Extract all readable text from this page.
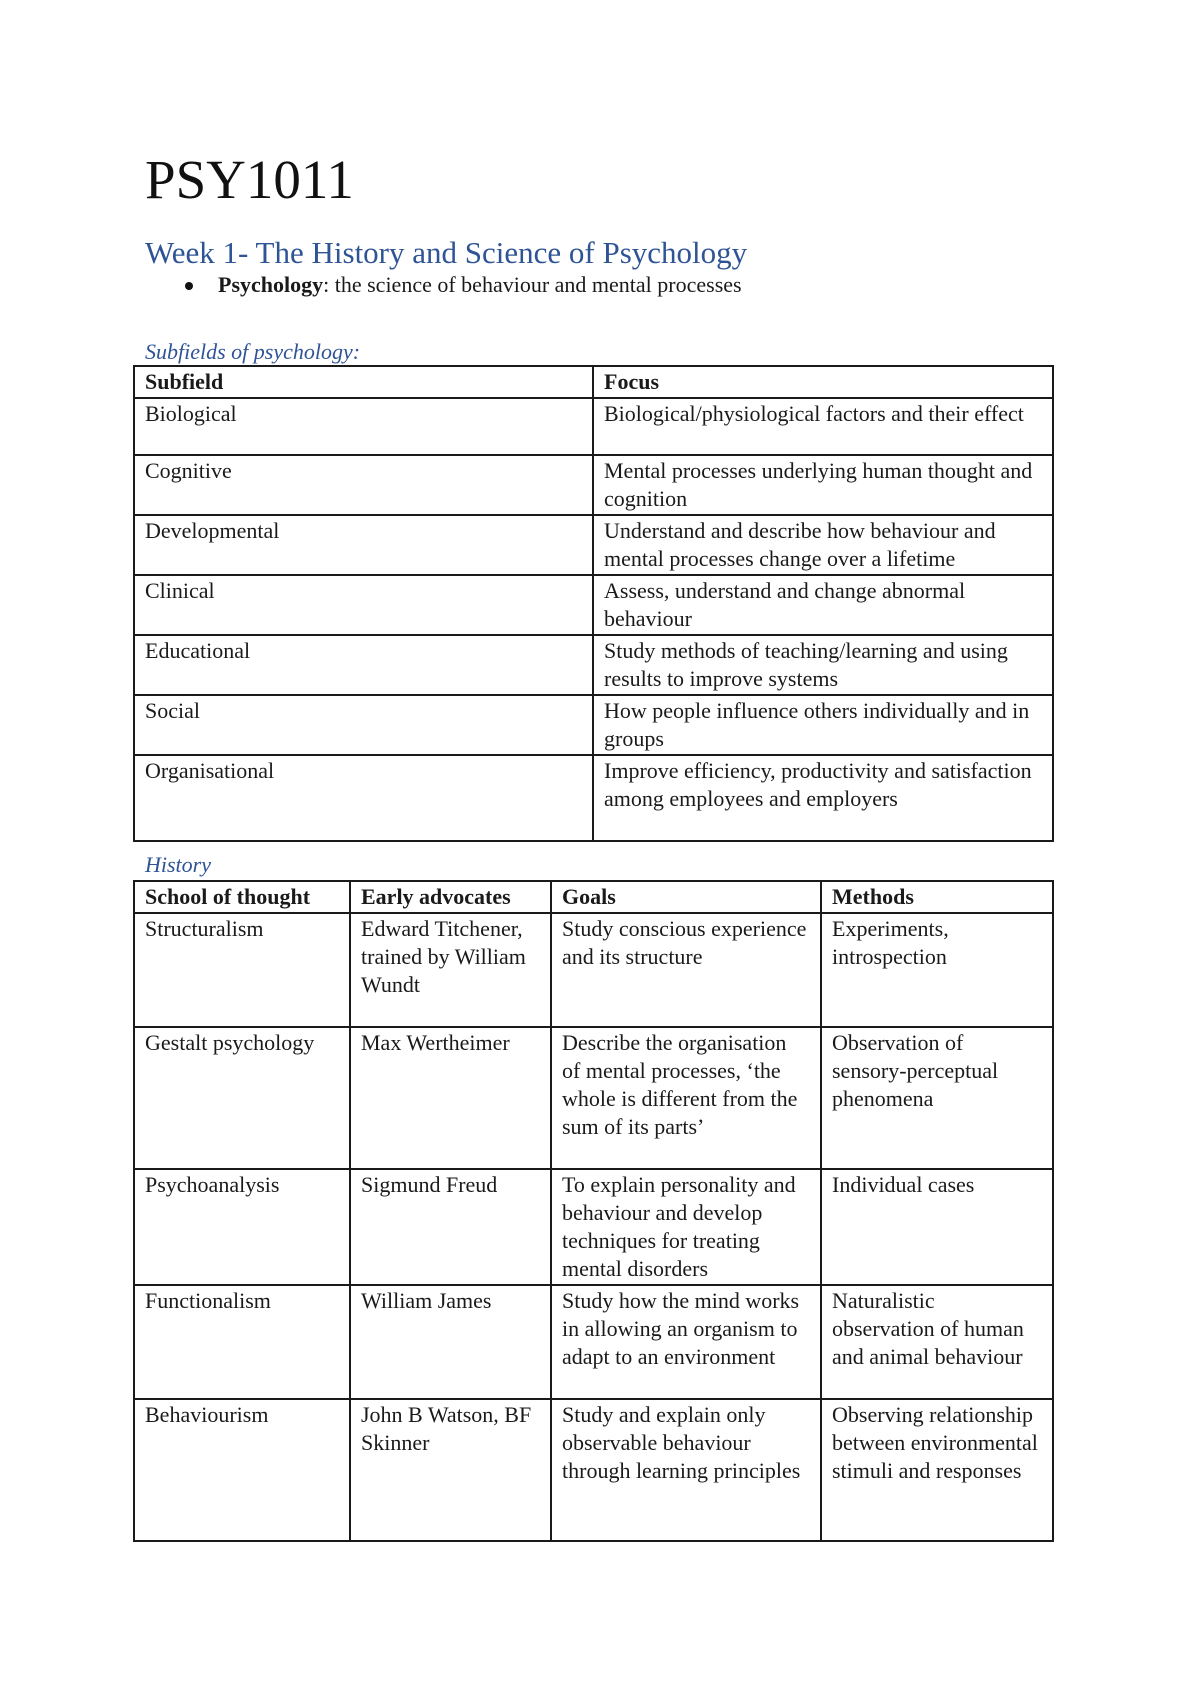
PSY1011
Week 1- The History and Science of Psychology
Psychology: the science of behaviour and mental processes
Subfields of psychology:
Subfield	Focus
Biological	Biological/physiological factors and their effect
Cognitive	Mental processes underlying human thought and cognition
Developmental	Understand and describe how behaviour and mental processes change over a lifetime
Clinical	Assess, understand and change abnormal behaviour
Educational	Study methods of teaching/learning and using results to improve systems
Social	How people influence others individually and in groups
Organisational	Improve efficiency, productivity and satisfaction among employees and employers
History
School of thought	Early advocates	Goals	Methods
Structuralism	Edward Titchener, trained by William Wundt	Study conscious experience and its structure	Experiments, introspection
Gestalt psychology	Max Wertheimer	Describe the organisation of mental processes, ‘the whole is different from the sum of its parts’	Observation of sensory-perceptual phenomena
Psychoanalysis	Sigmund Freud	To explain personality and behaviour and develop techniques for treating mental disorders	Individual cases
Functionalism	William James	Study how the mind works in allowing an organism to adapt to an environment	Naturalistic observation of human and animal behaviour
Behaviourism	John B Watson, BF Skinner	Study and explain only observable behaviour through learning principles	Observing relationship between environmental stimuli and responses
